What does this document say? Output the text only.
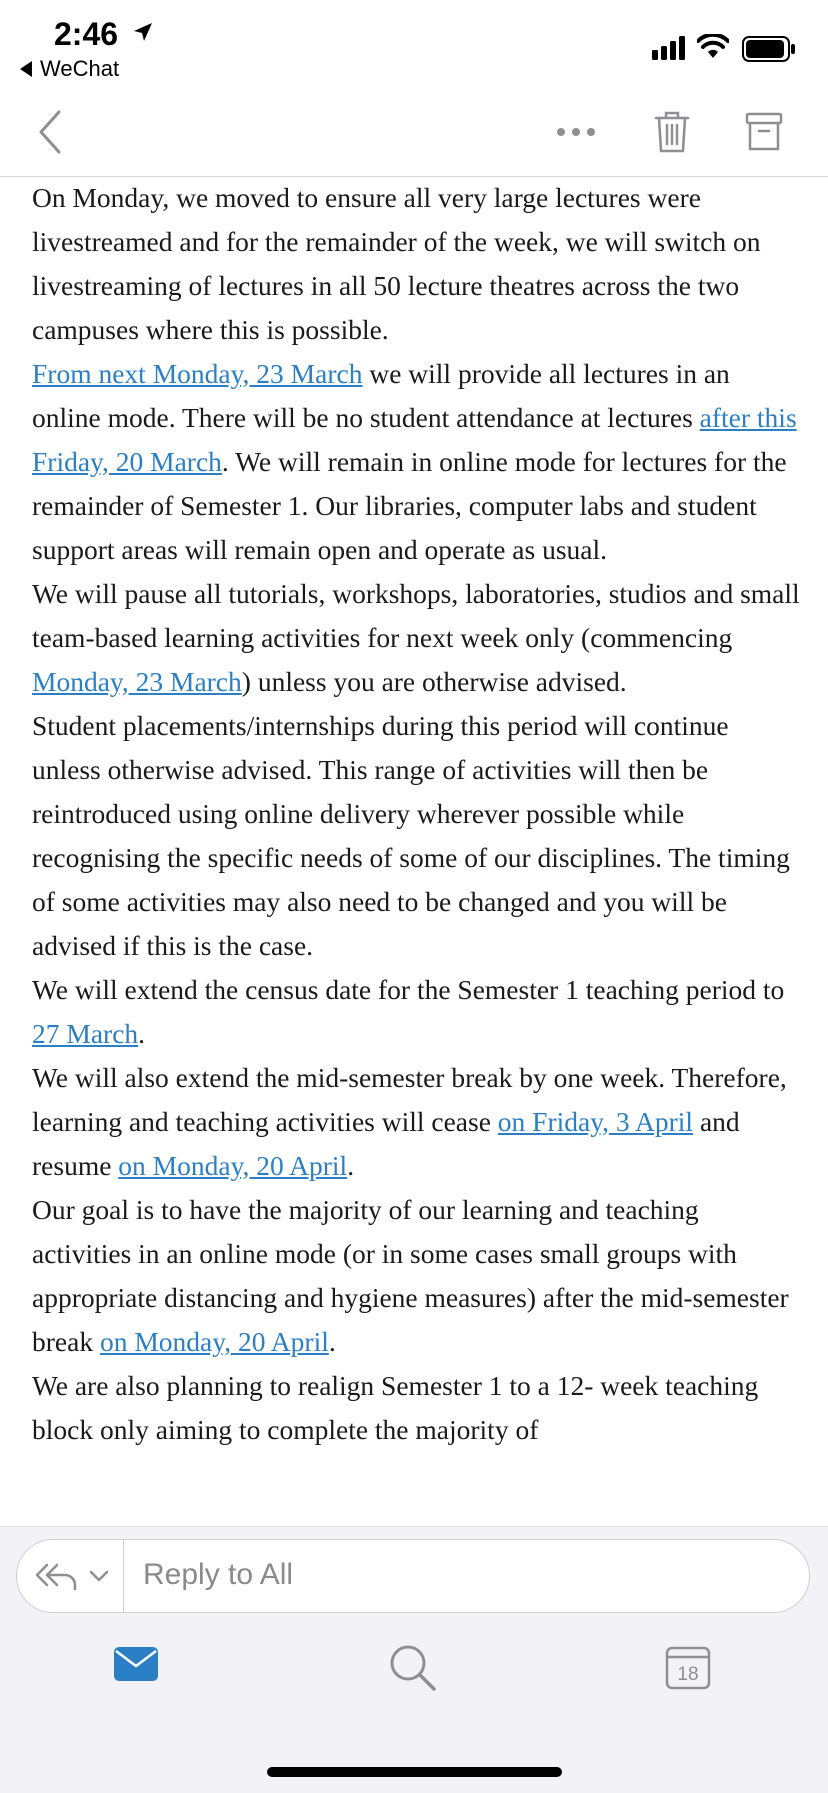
2:46
WeChat

On Monday, we moved to ensure all very large lectures were livestreamed and for the remainder of the week, we will switch on livestreaming of lectures in all 50 lecture theatres across the two campuses where this is possible.

From next Monday, 23 March we will provide all lectures in an online mode. There will be no student attendance at lectures after this Friday, 20 March. We will remain in online mode for lectures for the remainder of Semester 1. Our libraries, computer labs and student support areas will remain open and operate as usual.

We will pause all tutorials, workshops, laboratories, studios and small team-based learning activities for next week only (commencing Monday, 23 March) unless you are otherwise advised.

Student placements/internships during this period will continue unless otherwise advised. This range of activities will then be reintroduced using online delivery wherever possible while recognising the specific needs of some of our disciplines. The timing of some activities may also need to be changed and you will be advised if this is the case.

We will extend the census date for the Semester 1 teaching period to 27 March.

We will also extend the mid-semester break by one week. Therefore, learning and teaching activities will cease on Friday, 3 April and resume on Monday, 20 April.

Our goal is to have the majority of our learning and teaching activities in an online mode (or in some cases small groups with appropriate distancing and hygiene measures) after the mid-semester break on Monday, 20 April.

We are also planning to realign Semester 1 to a 12- week teaching block only aiming to complete the majority of

Reply to All
18
